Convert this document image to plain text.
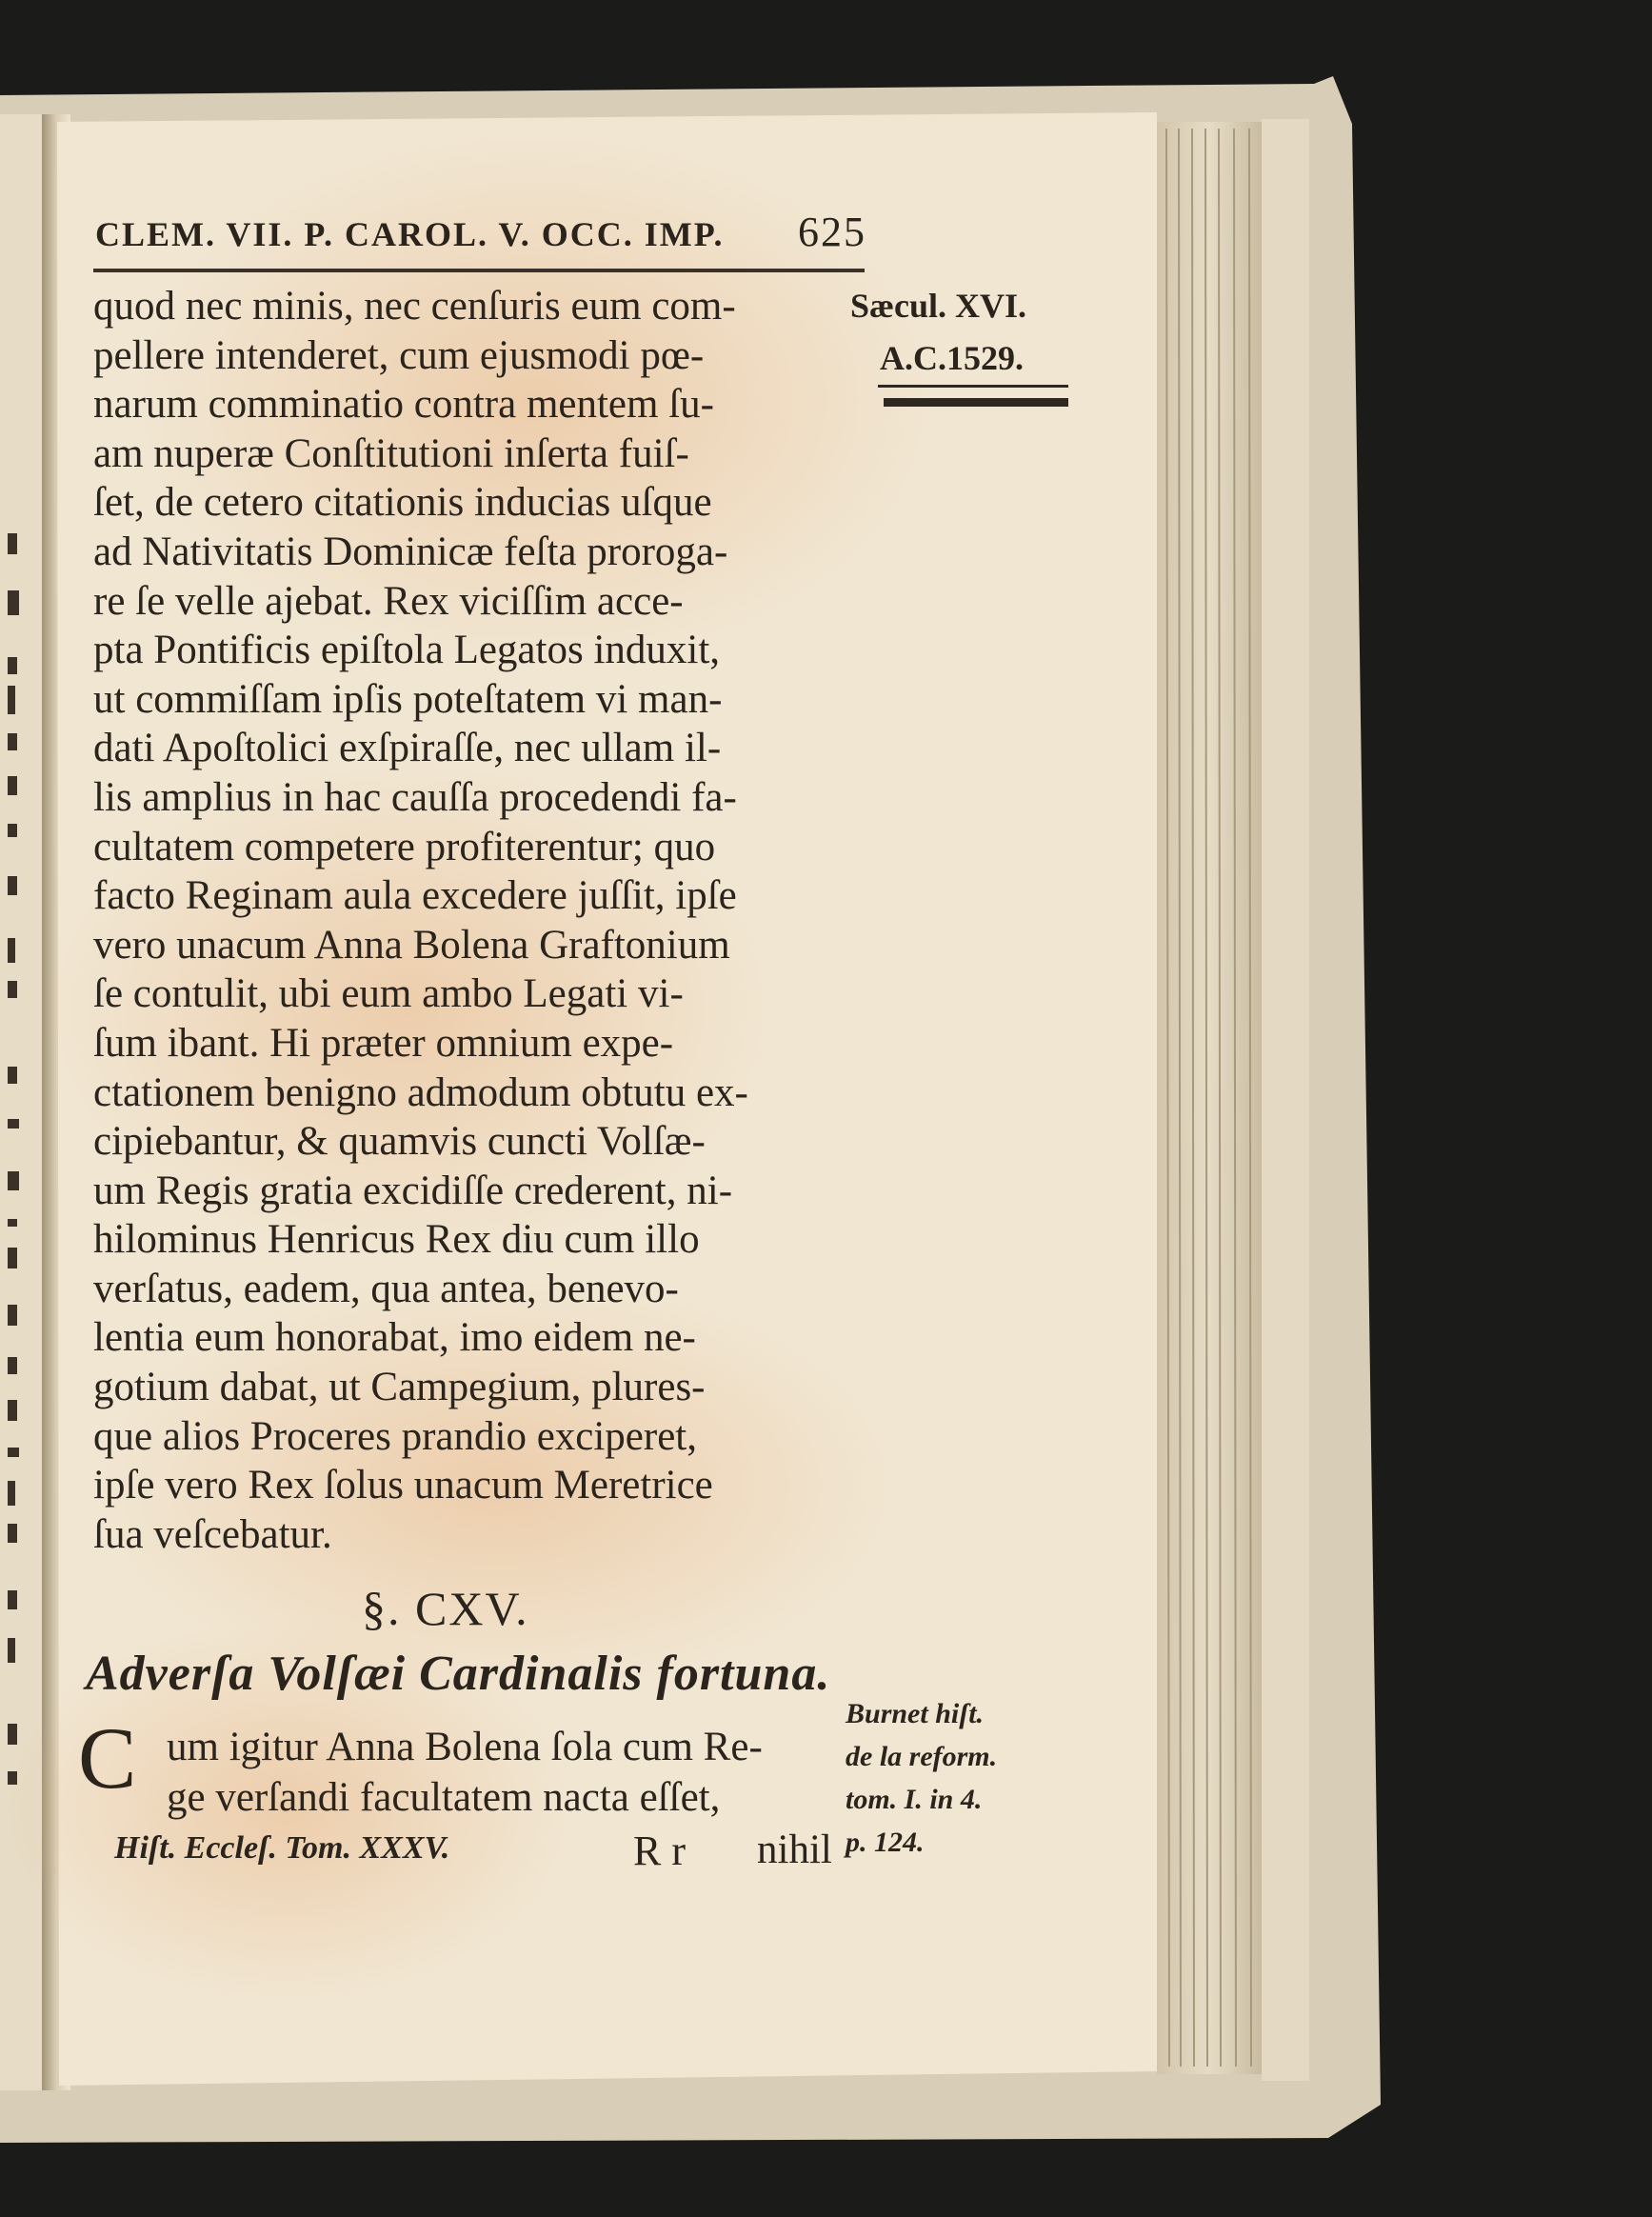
CLEM. VII. P. CAROL. V. OCC. IMP. 625
Sæcul. XVI.
A.C.1529.
quod nec minis, nec cenſuris eum com-
pellere intenderet, cum ejusmodi pœ-
narum comminatio contra mentem ſu-
am nuperæ Conſtitutioni inſerta fuiſ-
ſet, de cetero citationis inducias uſque
ad Nativitatis Dominicæ feſta proroga-
re ſe velle ajebat. Rex viciſſim acce-
pta Pontificis epiſtola Legatos induxit,
ut commiſſam ipſis poteſtatem vi man-
dati Apoſtolici exſpiraſſe, nec ullam il-
lis amplius in hac cauſſa procedendi fa-
cultatem competere profiterentur; quo
facto Reginam aula excedere juſſit, ipſe
vero unacum Anna Bolena Graftonium
ſe contulit, ubi eum ambo Legati vi-
ſum ibant. Hi præter omnium expe-
ctationem benigno admodum obtutu ex-
cipiebantur, & quamvis cuncti Volſæ-
um Regis gratia excidiſſe crederent, ni-
hilominus Henricus Rex diu cum illo
verſatus, eadem, qua antea, benevo-
lentia eum honorabat, imo eidem ne-
gotium dabat, ut Campegium, plures-
que alios Proceres prandio exciperet,
ipſe vero Rex ſolus unacum Meretrice
ſua veſcebatur.
§. CXV.
Adverſa Volſæi Cardinalis fortuna.
C um igitur Anna Bolena ſola cum Re-
ge verſandi facultatem nacta eſſet,
Burnet hiſt.
de la reform.
tom. I. in 4.
p. 124.
Hiſt. Eccleſ. Tom. XXXV.	R r nihil
